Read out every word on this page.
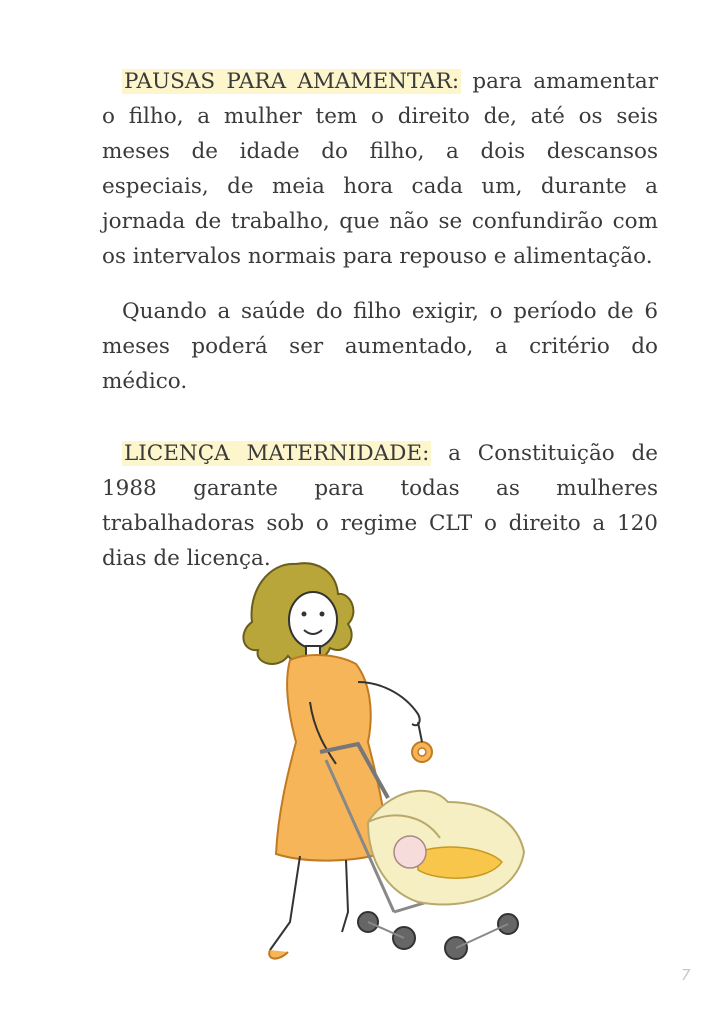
PAUSAS PARA AMAMENTAR: para amamentar o filho, a mulher tem o direito de, até os seis meses de idade do filho, a dois descansos especiais, de meia hora cada um, durante a jornada de trabalho, que não se confundirão com os intervalos normais para repouso e alimentação.

Quando a saúde do filho exigir, o período de 6 meses poderá ser aumentado, a critério do médico.

LICENÇA MATERNIDADE: a Constituição de 1988 garante para todas as mulheres trabalhadoras sob o regime CLT o direito a 120 dias de licença.

7
